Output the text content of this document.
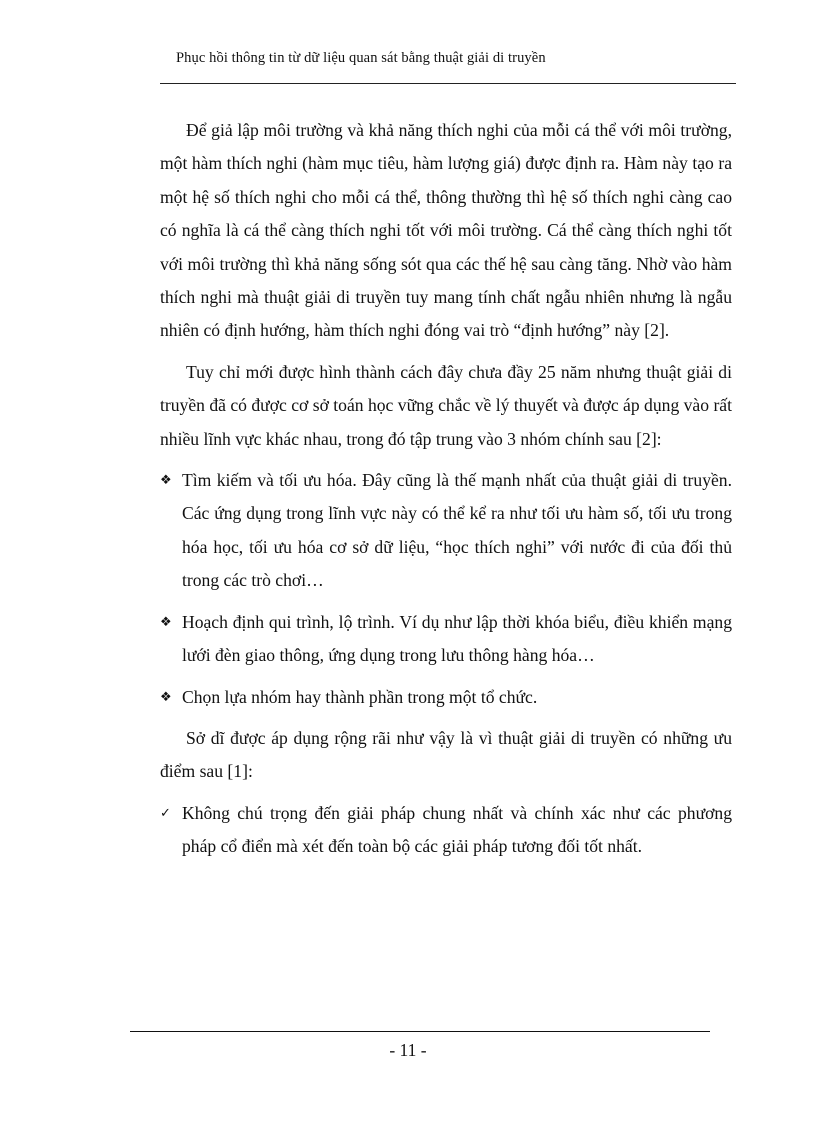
Phục hồi thông tin từ dữ liệu quan sát bằng thuật giải di truyền

Để giả lập môi trường và khả năng thích nghi của mỗi cá thể với môi trường, một hàm thích nghi (hàm mục tiêu, hàm lượng giá) được định ra. Hàm này tạo ra một hệ số thích nghi cho mỗi cá thể, thông thường thì hệ số thích nghi càng cao có nghĩa là cá thể càng thích nghi tốt với môi trường. Cá thể càng thích nghi tốt với môi trường thì khả năng sống sót qua các thế hệ sau càng tăng. Nhờ vào hàm thích nghi mà thuật giải di truyền tuy mang tính chất ngẫu nhiên nhưng là ngẫu nhiên có định hướng, hàm thích nghi đóng vai trò “định hướng” này [2].

Tuy chỉ mới được hình thành cách đây chưa đầy 25 năm nhưng thuật giải di truyền đã có được cơ sở toán học vững chắc về lý thuyết và được áp dụng vào rất nhiều lĩnh vực khác nhau, trong đó tập trung vào 3 nhóm chính sau [2]:

❖ Tìm kiếm và tối ưu hóa. Đây cũng là thế mạnh nhất của thuật giải di truyền. Các ứng dụng trong lĩnh vực này có thể kể ra như tối ưu hàm số, tối ưu trong hóa học, tối ưu hóa cơ sở dữ liệu, “học thích nghi” với nước đi của đối thủ trong các trò chơi…
❖ Hoạch định qui trình, lộ trình. Ví dụ như lập thời khóa biểu, điều khiển mạng lưới đèn giao thông, ứng dụng trong lưu thông hàng hóa…
❖ Chọn lựa nhóm hay thành phần trong một tổ chức.

Sở dĩ được áp dụng rộng rãi như vậy là vì thuật giải di truyền có những ưu điểm sau [1]:

✓ Không chú trọng đến giải pháp chung nhất và chính xác như các phương pháp cổ điển mà xét đến toàn bộ các giải pháp tương đối tốt nhất.
- 11 -
